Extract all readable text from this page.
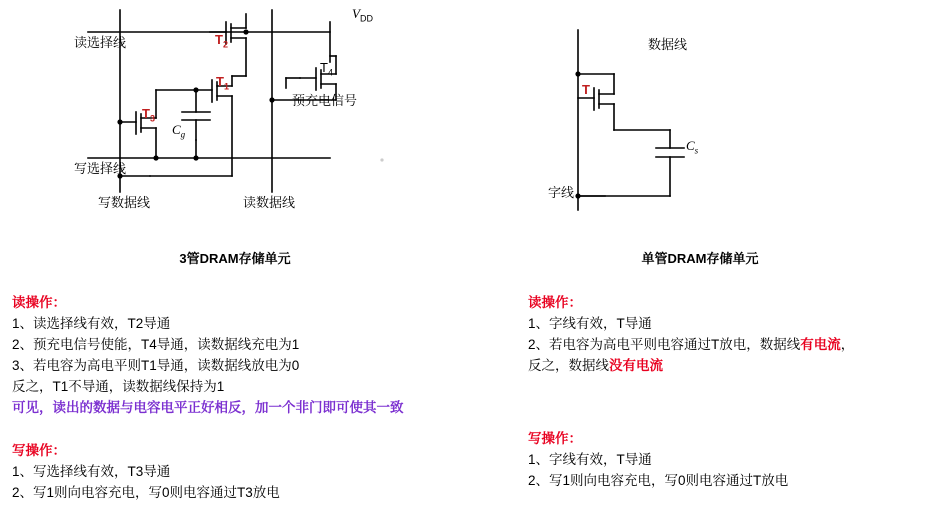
$V_{DD}$
读选择线
写选择线
写数据线	读数据线
预充电信号
$T_2$
$T_1$
$T_3$
$T_4$
$C_g$
3管DRAM存储单元
读操作：
1、读选择线有效，T2导通
2、预充电信号使能，T4导通，读数据线充电为1
3、若电容为高电平则T1导通，读数据线放电为0
反之，T1不导通，读数据线保持为1
可见，读出的数据与电容电平正好相反，加一个非门即可使其一致
写操作：
1、写选择线有效，T3导通
2、写1则向电容充电，写0则电容通过T3放电
数据线
字线
T
$C_s$
单管DRAM存储单元
读操作：
1、字线有效，T导通
2、若电容为高电平则电容通过T放电，数据线有电流，
反之，数据线没有电流
写操作：
1、字线有效，T导通
2、写1则向电容充电，写0则电容通过T放电
